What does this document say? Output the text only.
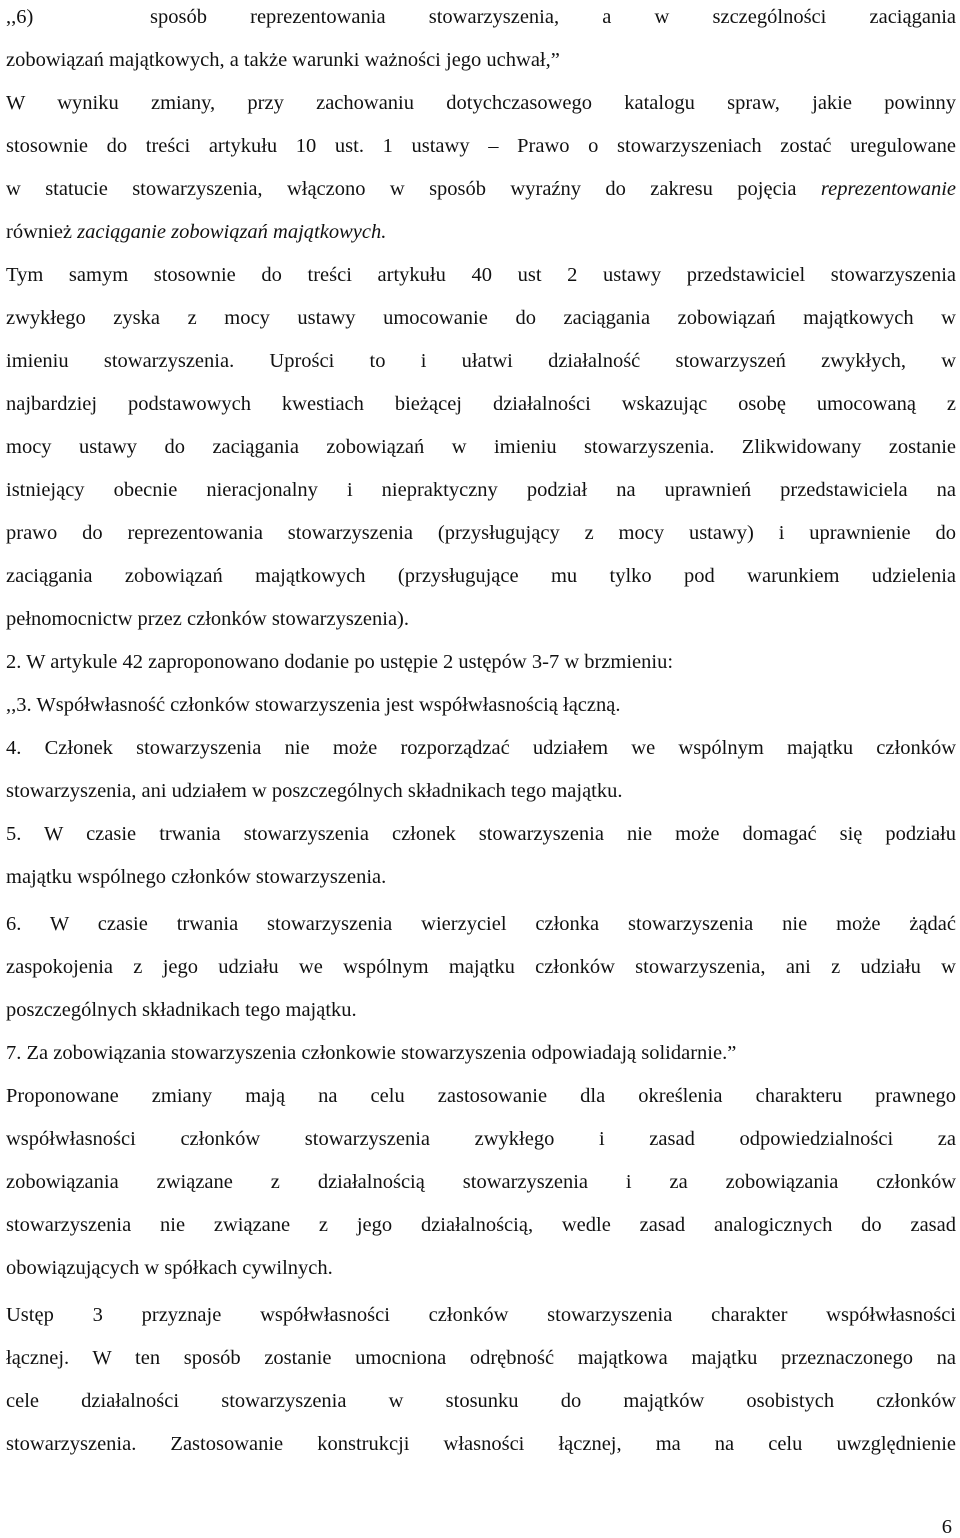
,,6)	sposób reprezentowania stowarzyszenia, a w szczególności zaciągania
zobowiązań majątkowych, a także warunki ważności jego uchwał,”
W wyniku zmiany, przy zachowaniu dotychczasowego katalogu spraw, jakie powinny
stosownie do treści artykułu 10 ust. 1 ustawy – Prawo o stowarzyszeniach zostać uregulowane
w statucie stowarzyszenia, włączono w sposób wyraźny do zakresu pojęcia reprezentowanie
również zaciąganie zobowiązań majątkowych.
Tym samym stosownie do treści artykułu 40 ust 2 ustawy przedstawiciel stowarzyszenia
zwykłego zyska z mocy ustawy umocowanie do zaciągania zobowiązań majątkowych w
imieniu stowarzyszenia. Uprości to i ułatwi działalność stowarzyszeń zwykłych, w
najbardziej podstawowych kwestiach bieżącej działalności wskazując osobę umocowaną z
mocy ustawy do zaciągania zobowiązań w imieniu stowarzyszenia. Zlikwidowany zostanie
istniejący obecnie nieracjonalny i niepraktyczny podział na uprawnień przedstawiciela na
prawo do reprezentowania stowarzyszenia (przysługujący z mocy ustawy) i uprawnienie do
zaciągania zobowiązań majątkowych (przysługujące mu tylko pod warunkiem udzielenia
pełnomocnictw przez członków stowarzyszenia).
2. W artykule 42 zaproponowano dodanie po ustępie 2 ustępów 3-7 w brzmieniu:
,,3. Współwłasność członków stowarzyszenia jest współwłasnością łączną.
4. Członek stowarzyszenia nie może rozporządzać udziałem we wspólnym majątku członków
stowarzyszenia, ani udziałem w poszczególnych składnikach tego majątku.
5. W czasie trwania stowarzyszenia członek stowarzyszenia nie może domagać się podziału
majątku wspólnego członków stowarzyszenia.
6. W czasie trwania stowarzyszenia wierzyciel członka stowarzyszenia nie może żądać
zaspokojenia z jego udziału we wspólnym majątku członków stowarzyszenia, ani z udziału w
poszczególnych składnikach tego majątku.
7. Za zobowiązania stowarzyszenia członkowie stowarzyszenia odpowiadają solidarnie.”
Proponowane zmiany mają na celu zastosowanie dla określenia charakteru prawnego
współwłasności członków stowarzyszenia zwykłego i zasad odpowiedzialności za
zobowiązania związane z działalnością stowarzyszenia i za zobowiązania członków
stowarzyszenia nie związane z jego działalnością, wedle zasad analogicznych do zasad
obowiązujących w spółkach cywilnych.
Ustęp 3 przyznaje współwłasności członków stowarzyszenia charakter współwłasności
łącznej. W ten sposób zostanie umocniona odrębność majątkowa majątku przeznaczonego na
cele działalności stowarzyszenia w stosunku do majątków osobistych członków
stowarzyszenia. Zastosowanie konstrukcji własności łącznej, ma na celu uwzględnienie
6
